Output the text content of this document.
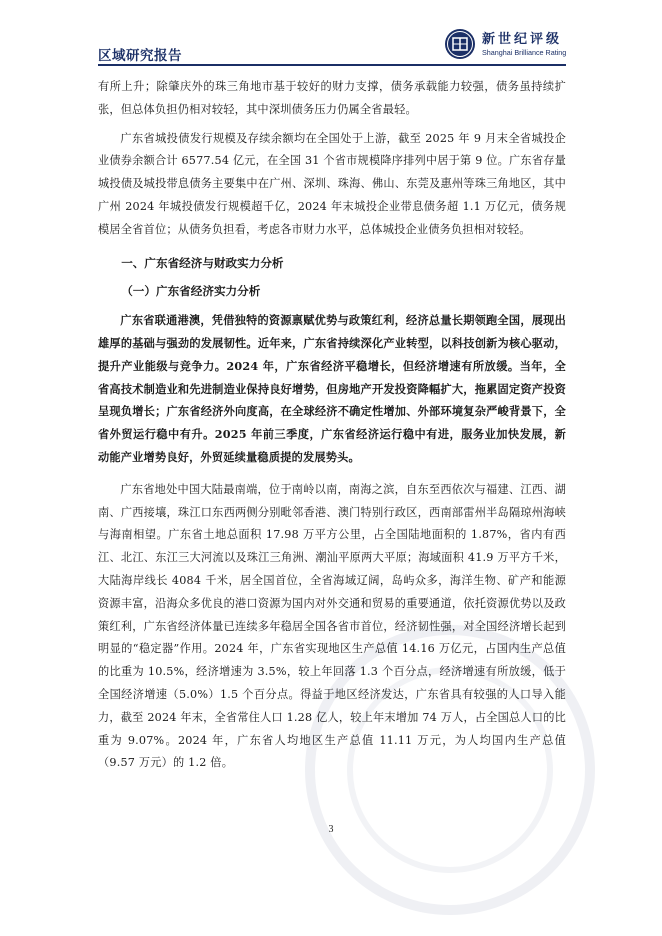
区域研究报告
新世纪评级
Shanghai Brilliance Rating

有所上升；除肇庆外的珠三角地市基于较好的财力支撑，债务承载能力较强，债务虽持续扩张，但总体负担仍相对较轻，其中深圳债务压力仍属全省最轻。

广东省城投债发行规模及存续余额均在全国处于上游，截至 2025 年 9 月末全省城投企业债券余额合计 6577.54 亿元，在全国 31 个省市规模降序排列中居于第 9 位。广东省存量城投债及城投带息债务主要集中在广州、深圳、珠海、佛山、东莞及惠州等珠三角地区，其中广州 2024 年城投债发行规模超千亿，2024 年末城投企业带息债务超 1.1 万亿元，债务规模居全省首位；从债务负担看，考虑各市财力水平，总体城投企业债务负担相对较轻。

一、广东省经济与财政实力分析

（一）广东省经济实力分析

广东省联通港澳，凭借独特的资源禀赋优势与政策红利，经济总量长期领跑全国，展现出雄厚的基础与强劲的发展韧性。近年来，广东省持续深化产业转型，以科技创新为核心驱动，提升产业能级与竞争力。2024 年，广东省经济平稳增长，但经济增速有所放缓。当年，全省高技术制造业和先进制造业保持良好增势，但房地产开发投资降幅扩大，拖累固定资产投资呈现负增长；广东省经济外向度高，在全球经济不确定性增加、外部环境复杂严峻背景下，全省外贸运行稳中有升。2025 年前三季度，广东省经济运行稳中有进，服务业加快发展，新动能产业增势良好，外贸延续量稳质提的发展势头。

广东省地处中国大陆最南端，位于南岭以南，南海之滨，自东至西依次与福建、江西、湖南、广西接壤，珠江口东西两侧分别毗邻香港、澳门特别行政区，西南部雷州半岛隔琼州海峡与海南相望。广东省土地总面积 17.98 万平方公里，占全国陆地面积的 1.87%，省内有西江、北江、东江三大河流以及珠江三角洲、潮汕平原两大平原；海域面积 41.9 万平方千米，大陆海岸线长 4084 千米，居全国首位，全省海域辽阔，岛屿众多，海洋生物、矿产和能源资源丰富，沿海众多优良的港口资源为国内对外交通和贸易的重要通道，依托资源优势以及政策红利，广东省经济体量已连续多年稳居全国各省市首位，经济韧性强，对全国经济增长起到明显的“稳定器”作用。2024 年，广东省实现地区生产总值 14.16 万亿元，占国内生产总值的比重为 10.5%，经济增速为 3.5%，较上年回落 1.3 个百分点，经济增速有所放缓，低于全国经济增速（5.0%）1.5 个百分点。得益于地区经济发达，广东省具有较强的人口导入能力，截至 2024 年末，全省常住人口 1.28 亿人，较上年末增加 74 万人，占全国总人口的比重为 9.07%。2024 年，广东省人均地区生产总值 11.11 万元，为人均国内生产总值（9.57 万元）的 1.2 倍。

3
